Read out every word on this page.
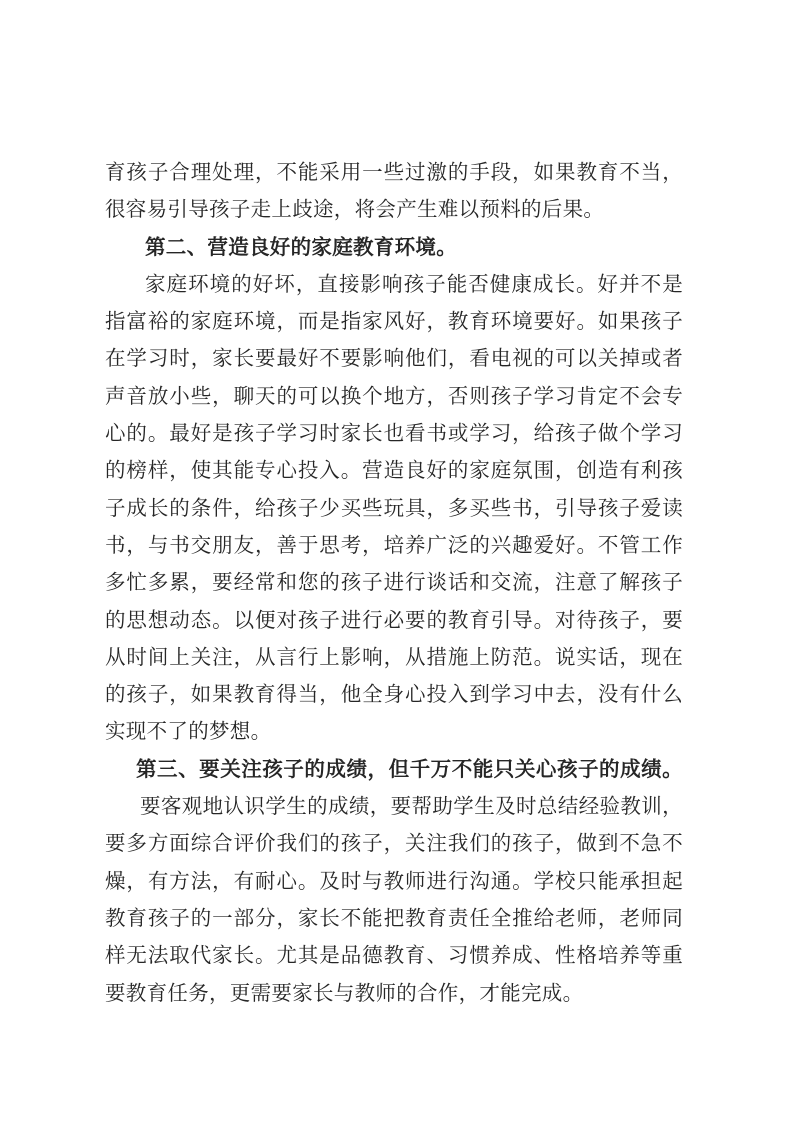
育孩子合理处理，不能采用一些过激的手段，如果教育不当，
很容易引导孩子走上歧途，将会产生难以预料的后果。
第二、营造良好的家庭教育环境。
家庭环境的好坏，直接影响孩子能否健康成长。好并不是
指富裕的家庭环境，而是指家风好，教育环境要好。如果孩子
在学习时，家长要最好不要影响他们，看电视的可以关掉或者
声音放小些，聊天的可以换个地方，否则孩子学习肯定不会专
心的。最好是孩子学习时家长也看书或学习，给孩子做个学习
的榜样，使其能专心投入。营造良好的家庭氛围，创造有利孩
子成长的条件，给孩子少买些玩具，多买些书，引导孩子爱读
书，与书交朋友，善于思考，培养广泛的兴趣爱好。不管工作
多忙多累，要经常和您的孩子进行谈话和交流，注意了解孩子
的思想动态。以便对孩子进行必要的教育引导。对待孩子，要
从时间上关注，从言行上影响，从措施上防范。说实话，现在
的孩子，如果教育得当，他全身心投入到学习中去，没有什么
实现不了的梦想。
第三、要关注孩子的成绩，但千万不能只关心孩子的成绩。
要客观地认识学生的成绩，要帮助学生及时总结经验教训，
要多方面综合评价我们的孩子，关注我们的孩子，做到不急不
燥，有方法，有耐心。及时与教师进行沟通。学校只能承担起
教育孩子的一部分，家长不能把教育责任全推给老师，老师同
样无法取代家长。尤其是品德教育、习惯养成、性格培养等重
要教育任务，更需要家长与教师的合作，才能完成。
